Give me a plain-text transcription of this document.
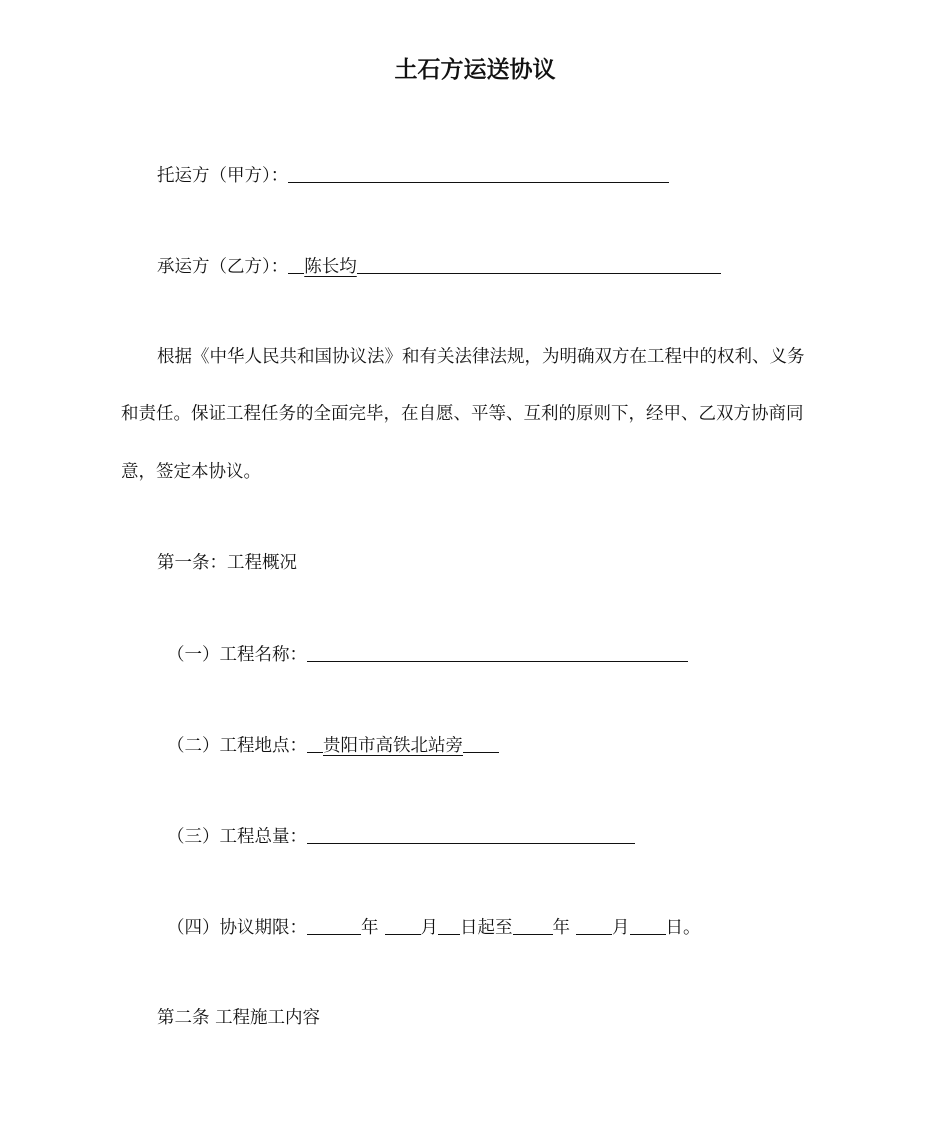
土石方运送协议
托运方（甲方）：
承运方（乙方）： 陈长均
根据《中华人民共和国协议法》和有关法律法规，为明确双方在工程中的权利、义务
和责任。保证工程任务的全面完毕，在自愿、平等、互利的原则下，经甲、乙双方协商同
意，签定本协议。
第一条：工程概况
（一）工程名称：
（二）工程地点： 贵阳市高铁北站旁
（三）工程总量：
（四）协议期限：	年 月 日起至 年 月 日。
第二条 工程施工内容
